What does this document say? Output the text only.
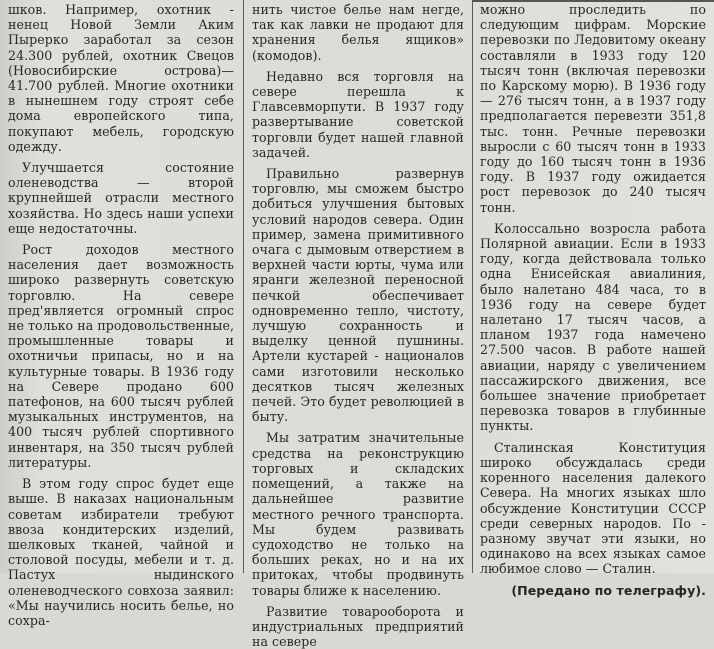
шков. Например, охотник - ненец Новой Земли Аким Пырерко заработал за сезон 24.300 рублей, охотник Свецов (Новосибирские острова)—41.700 рублей. Многие охотники в нынешнем году строят себе дома европейского типа, покупают мебель, городскую одежду.

Улучшается состояние оленеводства — второй крупнейшей отрасли местного хозяйства. Но здесь наши успехи еще недостаточны.

Рост доходов местного населения дает возможность широко развернуть советскую торговлю. На севере пред'является огромный спрос не только на продовольственные, промышленные товары и охотничьи припасы, но и на культурные товары. В 1936 году на Севере продано 600 патефонов, на 600 тысяч рублей музыкальных инструментов, на 400 тысяч рублей спортивного инвентаря, на 350 тысяч рублей литературы.

В этом году спрос будет еще выше. В наказах национальным советам избиратели требуют ввоза кондитерских изделий, шелковых тканей, чайной и столовой посуды, мебели и т. д. Пастух ныдинского оленеводческого совхоза заявил: «Мы научились носить белье, но сохра-

нить чистое белье нам негде, так как лавки не продают для хранения белья ящиков» (комодов).

Недавно вся торговля на севере перешла к Главсевморпути. В 1937 году развертывание советской торговли будет нашей главной задачей.

Правильно развернув торговлю, мы сможем быстро добиться улучшения бытовых условий народов севера. Один пример, замена примитивного очага с дымовым отверстием в верхней части юрты, чума или яранги железной переносной печкой обеспечивает одновременно тепло, чистоту, лучшую сохранность и выделку ценной пушнины. Артели кустарей - националов сами изготовили несколько десятков тысяч железных печей. Это будет революцией в быту.

Мы затратим значительные средства на реконструкцию торговых и складских помещений, а также на дальнейшее развитие местного речного транспорта. Мы будем развивать судоходство не только на больших реках, но и на их притоках, чтобы продвинуть товары ближе к населению.

Развитие товарооборота и индустриальных предприятий на севере

можно проследить по следующим цифрам. Морские перевозки по Ледовитому океану составляли в 1933 году 120 тысяч тонн (включая перевозки по Карскому морю). В 1936 году — 276 тысяч тонн, а в 1937 году предполагается перевезти 351,8 тыс. тонн. Речные перевозки выросли с 60 тысяч тонн в 1933 году до 160 тысяч тонн в 1936 году. В 1937 году ожидается рост перевозок до 240 тысяч тонн.

Колоссально возросла работа Полярной авиации. Если в 1933 году, когда действовала только одна Енисейская авиалиния, было налетано 484 часа, то в 1936 году на севере будет налетано 17 тысяч часов, а планом 1937 года намечено 27.500 часов. В работе нашей авиации, наряду с увеличением пассажирского движения, все большее значение приобретает перевозка товаров в глубинные пункты.

Сталинская Конституция широко обсуждалась среди коренного населения далекого Севера. На многих языках шло обсуждение Конституции СССР среди северных народов. По - разному звучат эти языки, но одинаково на всех языках самое любимое слово — Сталин.

(Передано по телеграфу).
